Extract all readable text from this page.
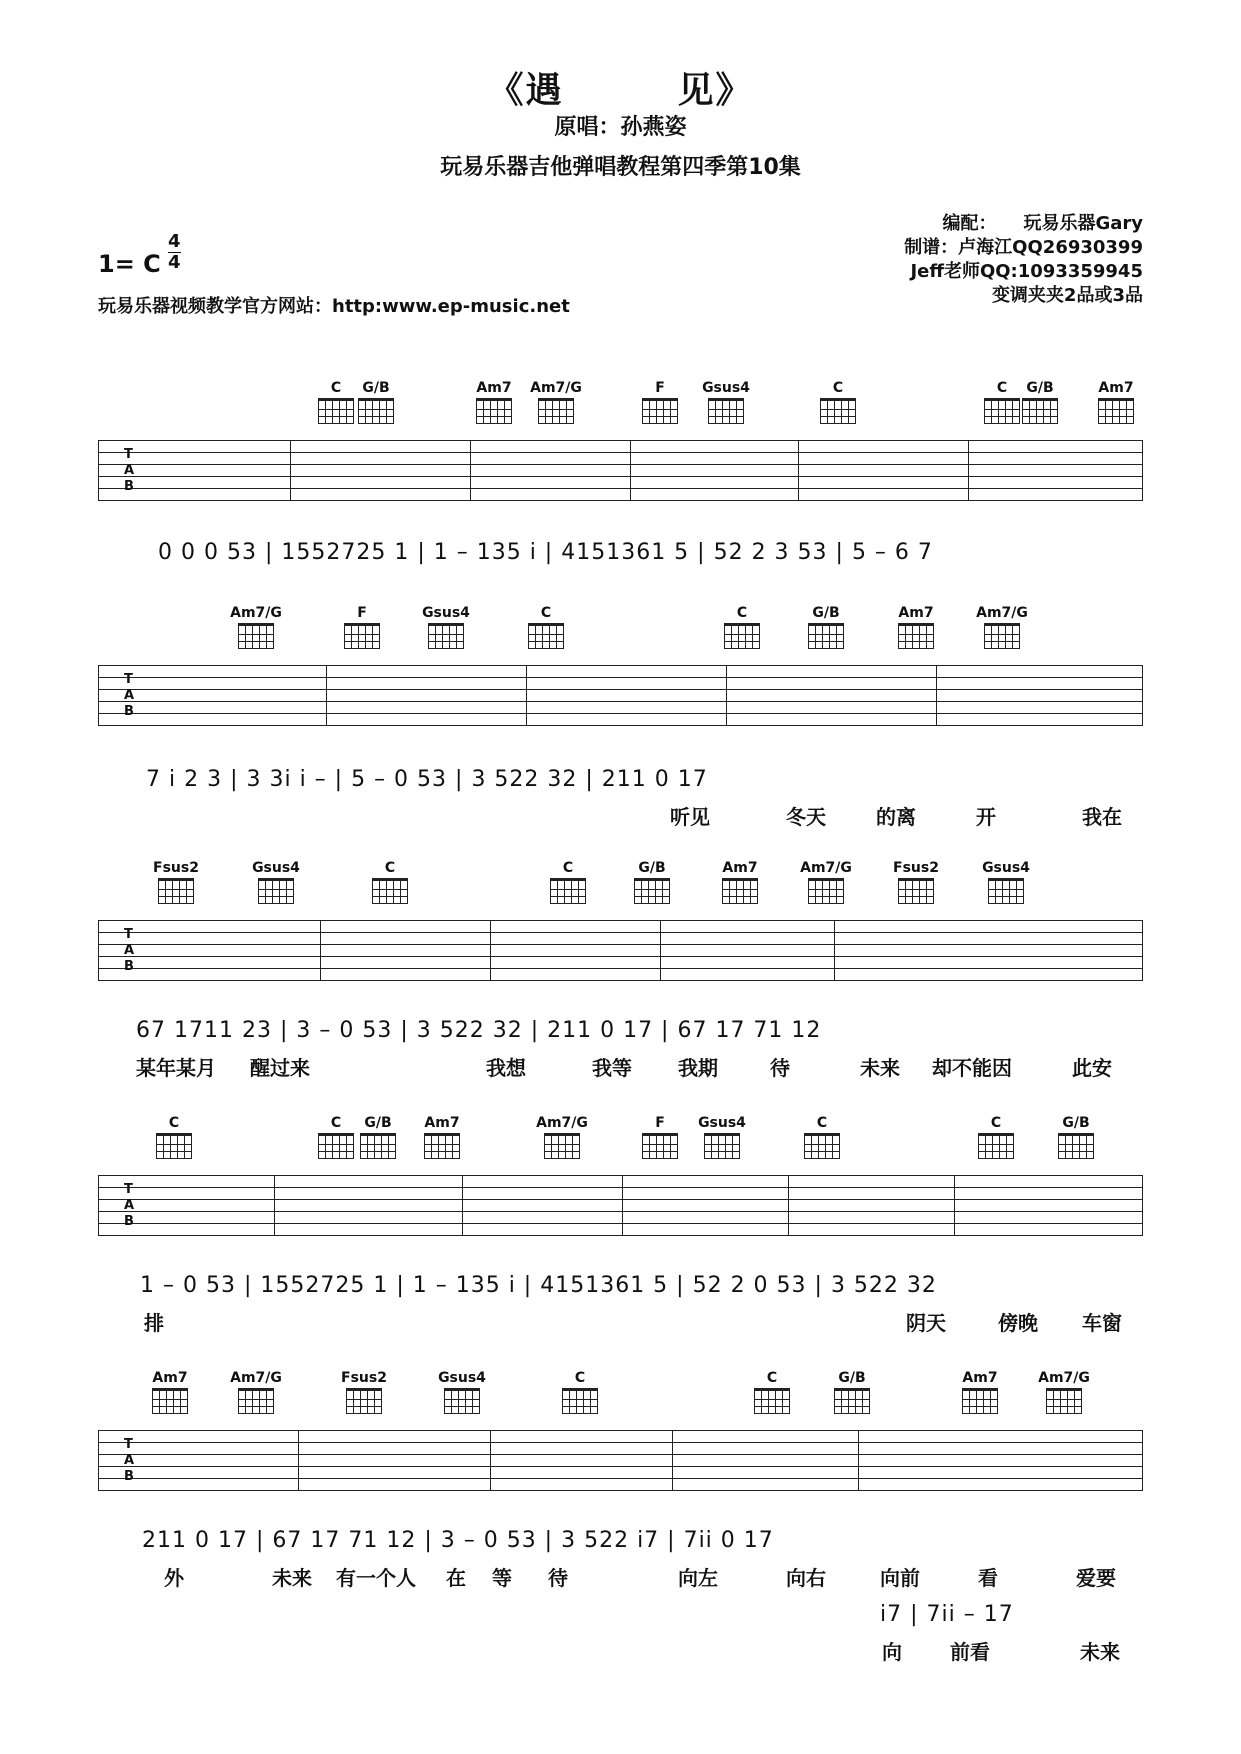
《遇　　　见》
原唱：孙燕姿
玩易乐器吉他弹唱教程第四季第10集
1= C
4
4
玩易乐器视频教学官方网站：http:www.ep-music.net
编配：　　玩易乐器Gary
制谱：卢海江QQ26930399
Jeff老师QQ:1093359945
变调夹夹2品或3品
C	G/B	Am7	Am7/G	F	Gsus4	C	C	G/B	Am7
T
A
B
0 0 0 53 | 1552725 1 | 1 – 135 i | 4151361 5 | 52 2 3 53 | 5 – 6 7
Am7/G	F	Gsus4	C	C	G/B	Am7	Am7/G
T
A
B
7 i 2 3 | 3 3i i – | 5 – 0 53 | 3 522 32 | 211 0 17
听见	冬天	的离	开	我在
Fsus2	Gsus4	C	C	G/B	Am7	Am7/G	Fsus2	Gsus4
T
A
B
67 1711 23 | 3 – 0 53 | 3 522 32 | 211 0 17 | 67 17 71 12
某年某月 醒过来	我想	我等 我期	待	未来 却不能因	此安
C	C	G/B	Am7	Am7/G	F	Gsus4	C	C	G/B
T
A
B
1 – 0 53 | 1552725 1 | 1 – 135 i | 4151361 5 | 52 2 0 53 | 3 522 32
排	阴天	傍晚 车窗
Am7	Am7/G	Fsus2	Gsus4	C	C	G/B	Am7	Am7/G
T
A
B
211 0 17 | 67 17 71 12 | 3 – 0 53 | 3 522 i7 | 7ii 0 17
外	未来 有一个人 在 等 待	向左	向右	向前	看	爱要
i7 | 7ii – 17
向 前看	未来
